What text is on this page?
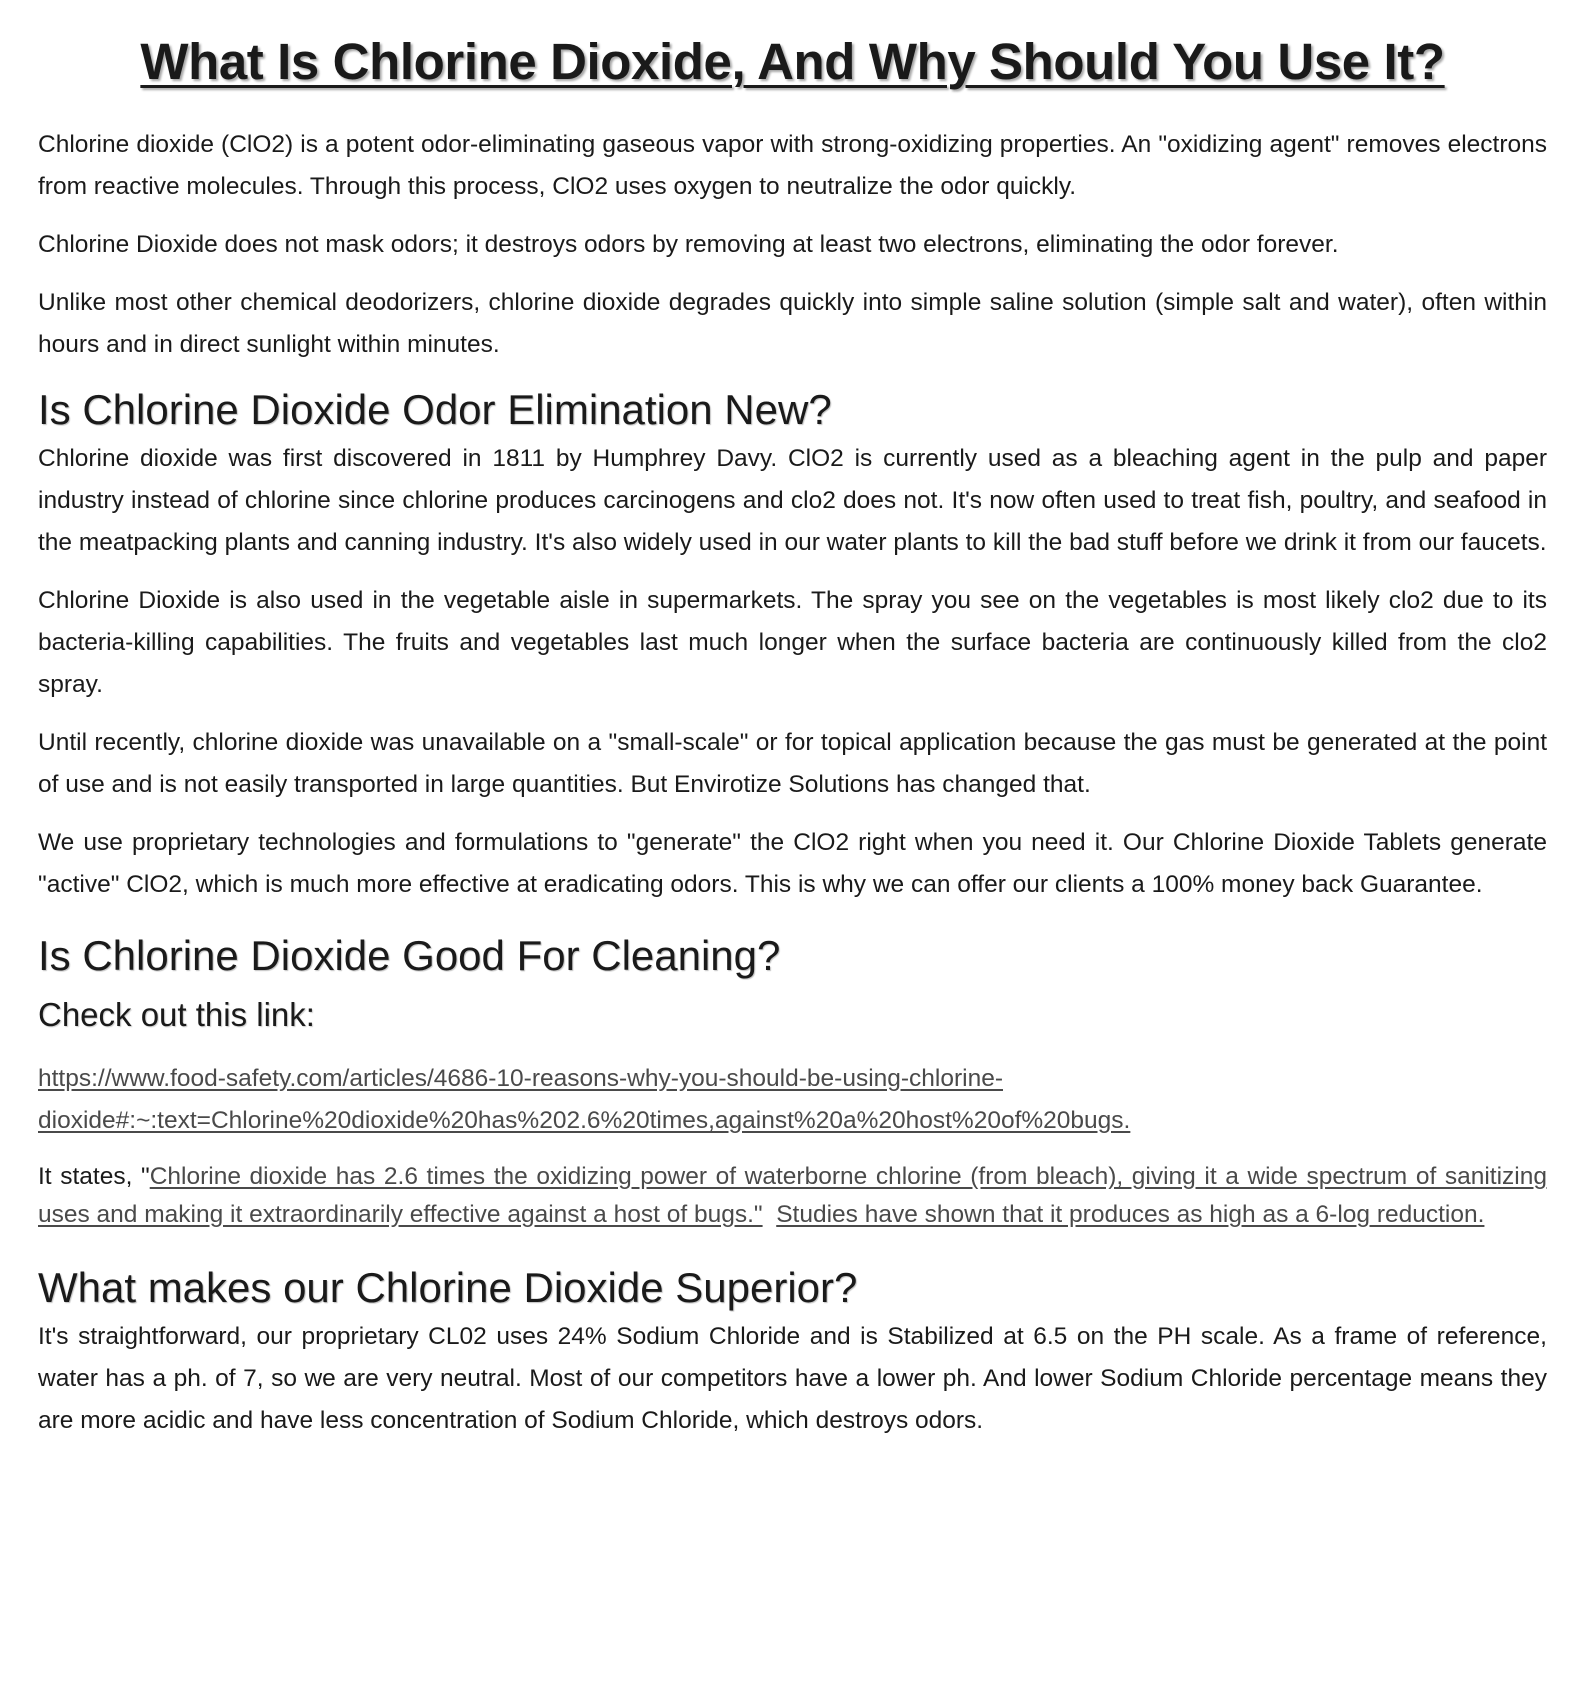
What Is Chlorine Dioxide, And Why Should You Use It?

Chlorine dioxide (ClO2) is a potent odor-eliminating gaseous vapor with strong-oxidizing properties. An "oxidizing agent" removes electrons from reactive molecules. Through this process, ClO2 uses oxygen to neutralize the odor quickly.

Chlorine Dioxide does not mask odors; it destroys odors by removing at least two electrons, eliminating the odor forever.

Unlike most other chemical deodorizers, chlorine dioxide degrades quickly into simple saline solution (simple salt and water), often within hours and in direct sunlight within minutes.

Is Chlorine Dioxide Odor Elimination New?

Chlorine dioxide was first discovered in 1811 by Humphrey Davy. ClO2 is currently used as a bleaching agent in the pulp and paper industry instead of chlorine since chlorine produces carcinogens and clo2 does not. It's now often used to treat fish, poultry, and seafood in the meatpacking plants and canning industry. It's also widely used in our water plants to kill the bad stuff before we drink it from our faucets.

Chlorine Dioxide is also used in the vegetable aisle in supermarkets. The spray you see on the vegetables is most likely clo2 due to its bacteria-killing capabilities. The fruits and vegetables last much longer when the surface bacteria are continuously killed from the clo2 spray.

Until recently, chlorine dioxide was unavailable on a "small-scale" or for topical application because the gas must be generated at the point of use and is not easily transported in large quantities. But Envirotize Solutions has changed that.

We use proprietary technologies and formulations to "generate" the ClO2 right when you need it. Our Chlorine Dioxide Tablets generate "active" ClO2, which is much more effective at eradicating odors. This is why we can offer our clients a 100% money back Guarantee.

Is Chlorine Dioxide Good For Cleaning?
Check out this link:

https://www.food-safety.com/articles/4686-10-reasons-why-you-should-be-using-chlorine-
dioxide#:~:text=Chlorine%20dioxide%20has%202.6%20times,against%20a%20host%20of%20bugs.

It states, "Chlorine dioxide has 2.6 times the oxidizing power of waterborne chlorine (from bleach), giving it a wide spectrum of sanitizing uses and making it extraordinarily effective against a host of bugs." Studies have shown that it produces as high as a 6-log reduction.

What makes our Chlorine Dioxide Superior?

It's straightforward, our proprietary CL02 uses 24% Sodium Chloride and is Stabilized at 6.5 on the PH scale. As a frame of reference, water has a ph. of 7, so we are very neutral. Most of our competitors have a lower ph. And lower Sodium Chloride percentage means they are more acidic and have less concentration of Sodium Chloride, which destroys odors.
